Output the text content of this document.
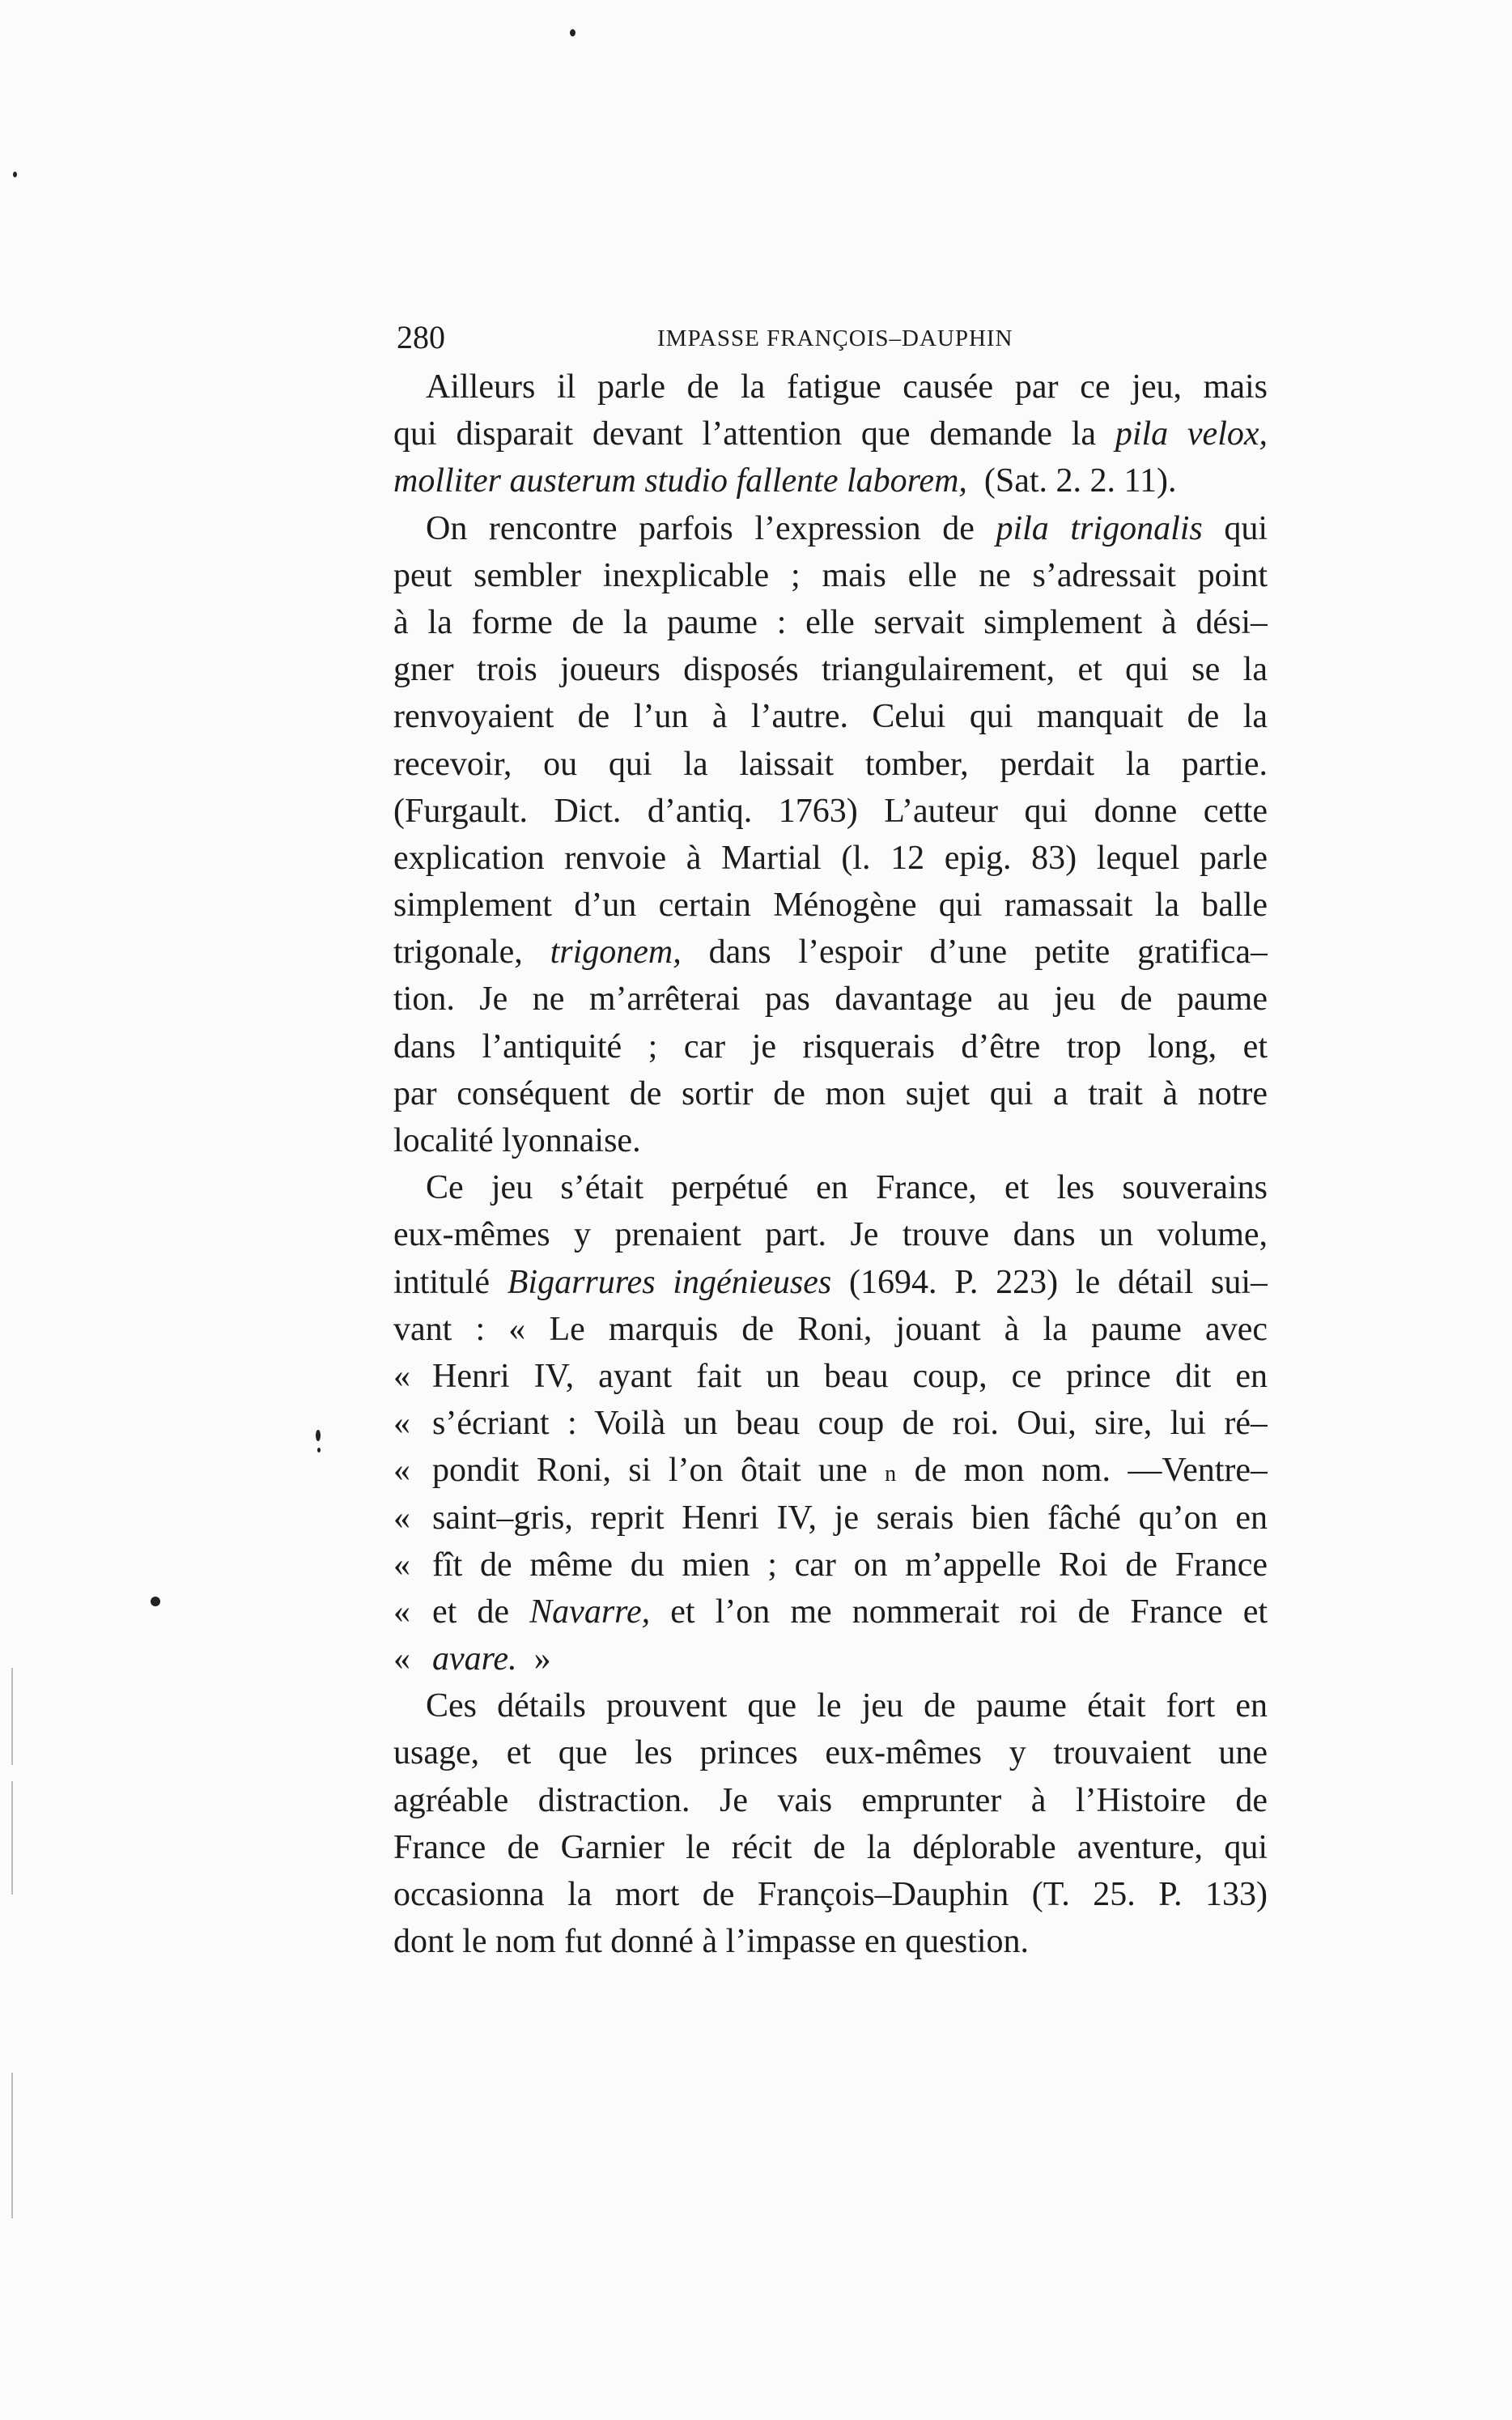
280	IMPASSE FRANÇOIS–DAUPHIN
Ailleurs il parle de la fatigue causée par ce jeu, mais
qui disparait devant l’attention que demande la pila velox,
molliter austerum studio fallente laborem, (Sat. 2. 2. 11).
On rencontre parfois l’expression de pila trigonalis qui
peut sembler inexplicable ; mais elle ne s’adressait point
à la forme de la paume : elle servait simplement à dési–
gner trois joueurs disposés triangulairement, et qui se la
renvoyaient de l’un à l’autre. Celui qui manquait de la
recevoir, ou qui la laissait tomber, perdait la partie.
(Furgault. Dict. d’antiq. 1763) L’auteur qui donne cette
explication renvoie à Martial (l. 12 epig. 83) lequel parle
simplement d’un certain Ménogène qui ramassait la balle
trigonale, trigonem, dans l’espoir d’une petite gratifica–
tion. Je ne m’arrêterai pas davantage au jeu de paume
dans l’antiquité ; car je risquerais d’être trop long, et
par conséquent de sortir de mon sujet qui a trait à notre
localité lyonnaise.
Ce jeu s’était perpétué en France, et les souverains
eux-mêmes y prenaient part. Je trouve dans un volume,
intitulé Bigarrures ingénieuses (1694. P. 223) le détail sui–
vant : « Le marquis de Roni, jouant à la paume avec
« Henri IV, ayant fait un beau coup, ce prince dit en
« s’écriant : Voilà un beau coup de roi. Oui, sire, lui ré–
« pondit Roni, si l’on ôtait une n de mon nom. —Ventre–
« saint–gris, reprit Henri IV, je serais bien fâché qu’on en
« fît de même du mien ; car on m’appelle Roi de France
« et de Navarre, et l’on me nommerait roi de France et
« avare. »
Ces détails prouvent que le jeu de paume était fort en
usage, et que les princes eux-mêmes y trouvaient une
agréable distraction. Je vais emprunter à l’Histoire de
France de Garnier le récit de la déplorable aventure, qui
occasionna la mort de François–Dauphin (T. 25. P. 133)
dont le nom fut donné à l’impasse en question.
